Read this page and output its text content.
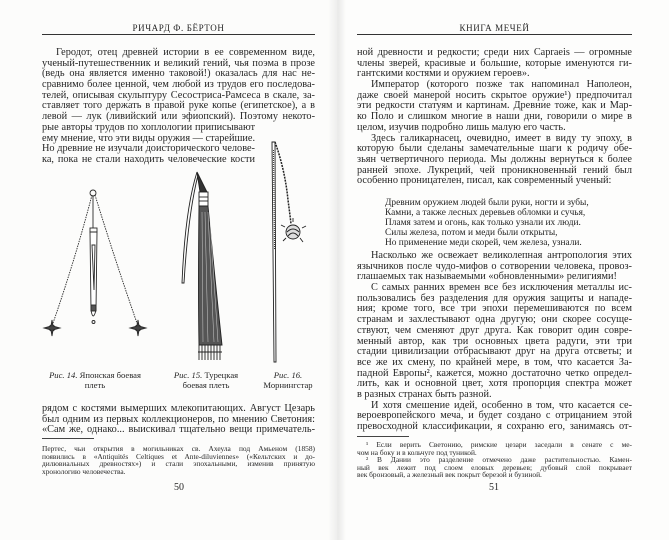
РИЧАРД Ф. БЁРТОН
Геродот, отец древней истории в ее современном виде,
ученый-путешественник и великий гений, чья поэма в прозе
(ведь она является именно таковой!) оказалась для нас не-
сравнимо более ценной, чем любой из трудов его последова-
телей, описывая скульптуру Сесостриса-Рамсеса в скале, за-
ставляет того держать в правой руке копье (египетское), а в
левой — лук (ливийский или эфиопский). Поэтому некото-
рые авторы трудов по хоплологии приписывают
ему мнение, что эти виды оружия — старейшие.
Но древние не изучали доисторического челове-
ка, пока не стали находить человеческие кости
Рис. 14. Японская боевая
плеть
Рис. 15. Турецкая
боевая плеть
Рис. 16.
Морнингстар
рядом с костями вымерших млекопитающих. Август Цезарь
был одним из первых коллекционеров, по мнению Светония:
«Сам же, однако... выискивал тщательно вещи примечатель-
Пертес, чьи открытия в могильниках св. Ахеула под Амьеном (1858)
появились в «Antiquités Celtiques et Ante-diluviennes» («Кельтских и до-
дилювиальных древностях») и стали эпохальными, изменив принятую
хронологию человечества.
50
КНИГА МЕЧЕЙ
ной древности и редкости; среди них Capraeis — огромные
члены зверей, красивые и большие, которые именуются ги-
гантскими костями и оружием героев».
Император (которого позже так напоминал Наполеон,
даже своей манерой носить скрытое оружие¹) предпочитал
эти редкости статуям и картинам. Древние тоже, как и Мар-
ко Поло и слишком многие в наши дни, говорили о мире в
целом, изучив подробно лишь малую его часть.
Здесь галикарнасец, очевидно, имеет в виду ту эпоху, в
которую были сделаны замечательные шаги к родичу обе-
зьян четвертичного периода. Мы должны вернуться к более
ранней эпохе. Лукреций, чей проникновенный гений был
особенно проницателен, писал, как современный ученый:
Древним оружием людей были руки, ногти и зубы,
Камни, а также лесных деревьев обломки и сучья,
Пламя затем и огонь, как только узнали их люди.
Силы железа, потом и меди были открыты,
Но применение меди скорей, чем железа, узнали.
Насколько же освежает великолепная антропология этих
язычников после чудо-мифов о сотворении человека, провоз-
глашаемых так называемыми «обновленными» религиями!
С самых ранних времен все без исключения металлы ис-
пользовались без разделения для оружия защиты и нападе-
ния; кроме того, все три эпохи перемешиваются по всем
странам и захлестывают одна другую; они скорее сосуще-
ствуют, чем сменяют друг друга. Как говорит один совре-
менный автор, как три основных цвета радуги, эти три
стадии цивилизации отбрасывают друг на друга отсветы; и
все же их смену, по крайней мере, в том, что касается За-
падной Европы², кажется, можно достаточно четко определ-
лить, как и основной цвет, хотя пропорция спектра может
в разных странах быть разной.
И хотя смешение идей, особенно в том, что касается се-
вероевропейского меча, и будет создано с отрицанием этой
превосходной классификации, я сохраню его, занимаясь от-
¹ Если верить Светонию, римские цезари заседали в сенате с ме-
чом на боку и в кольчуге под туникой.
² В Дании это разделение отмечено даже растительностью. Камен-
ный век лежит под слоем еловых деревьев; дубовый слой покрывает
век бронзовый, а железный век покрыт березой и бузиной.
51
